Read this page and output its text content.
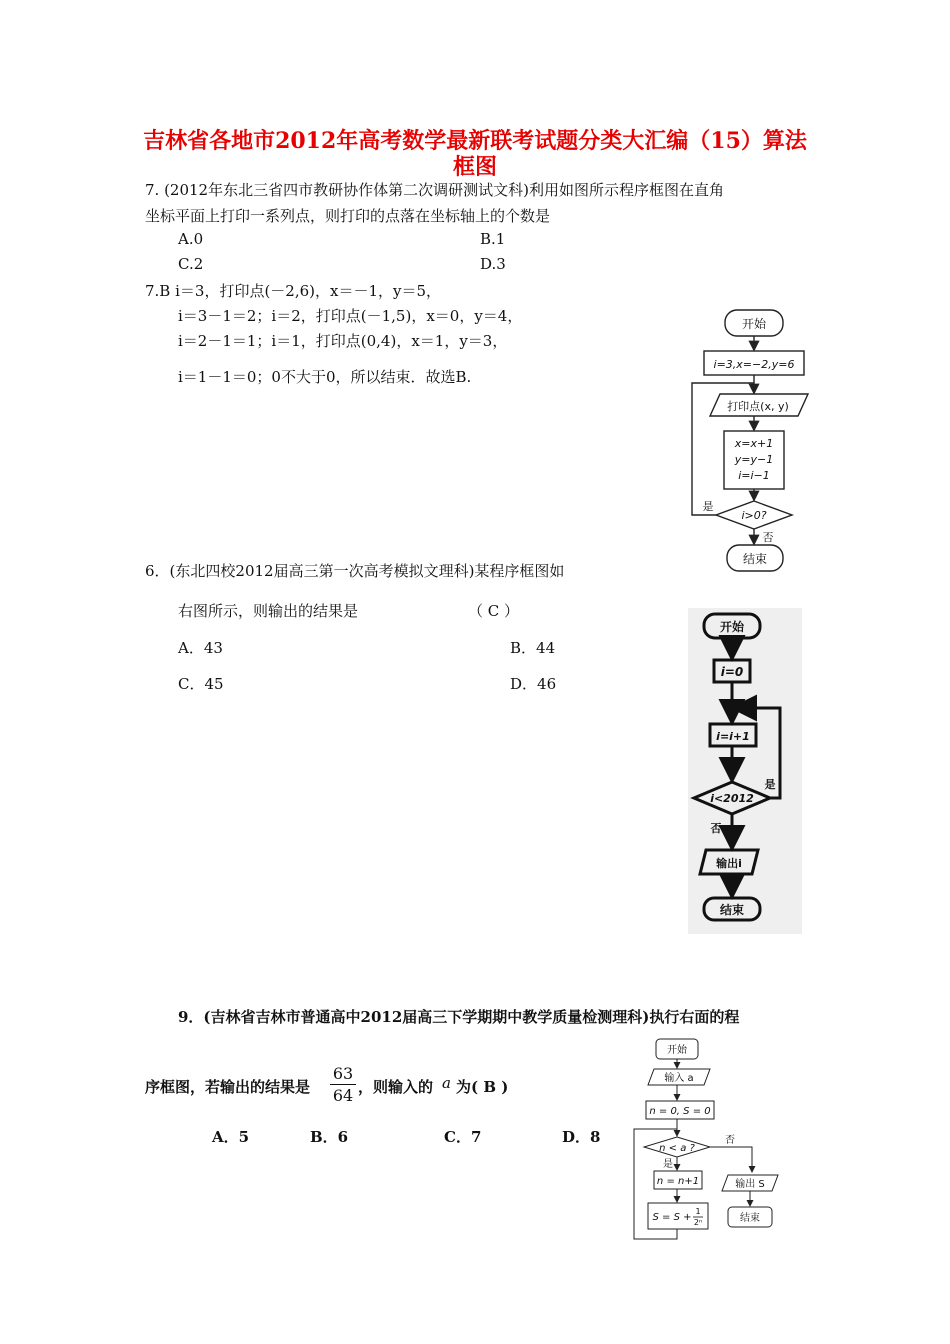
吉林省各地市2012年高考数学最新联考试题分类大汇编（15）算法
框图
7. (2012年东北三省四市教研协作体第二次调研测试文科)利用如图所示程序框图在直角
坐标平面上打印一系列点，则打印的点落在坐标轴上的个数是
A.0	B.1
C.2	D.3
7.B i＝3，打印点(－2,6)，x＝－1，y＝5，
i＝3－1＝2；i＝2，打印点(－1,5)，x＝0，y＝4，
i＝2－1＝1；i＝1，打印点(0,4)，x＝1，y＝3，
i＝1－1＝0；0不大于0，所以结束．故选B.
开始
i=3,x=−2,y=6
打印点(x, y)
x=x+1
y=y−1
i=i−1
i>0?
是
否
结束
6．(东北四校2012届高三第一次高考模拟文理科)某程序框图如
右图所示，则输出的结果是	（ C ）
A．43	B．44
C．45	D．46
开始
i=0
i=i+1
i<2012
是
否
输出i
结束
9．(吉林省吉林市普通高中2012届高三下学期期中教学质量检测理科)执行右面的程
序框图，若输出的结果是
63
64 ，则输入的 a 为( B )
A．5	B．6	C．7	D．8
开始
输入 a
n = 0, S = 0
n < a ?
是
否
n = n+1
S = S +
1
2ⁿ
输出 S
结束
